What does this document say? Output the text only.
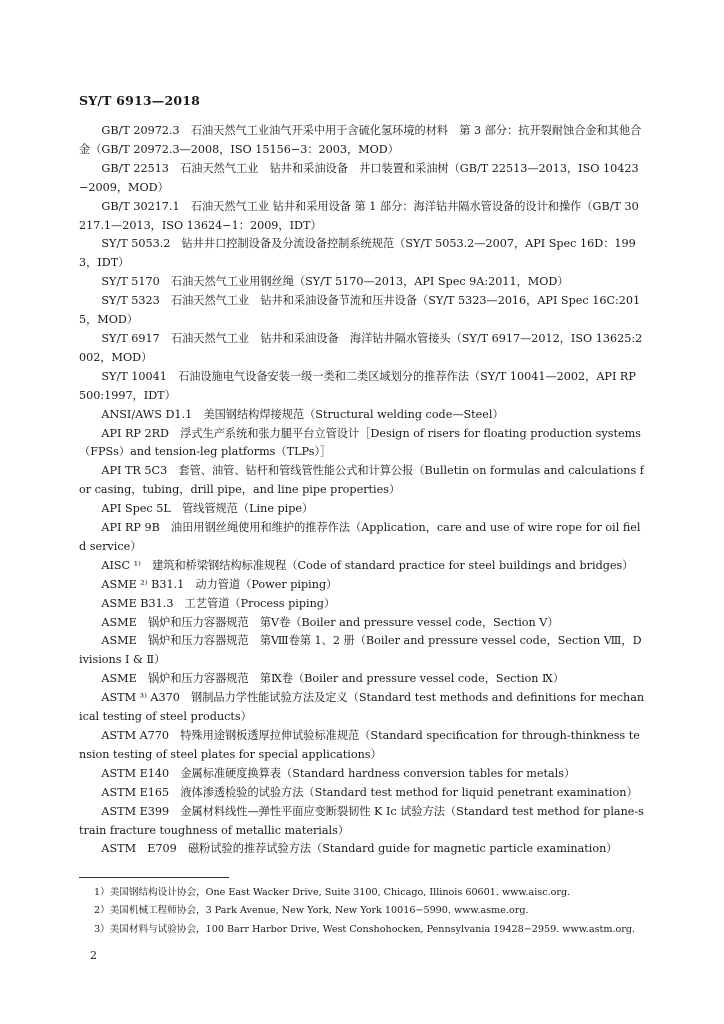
SY/T 6913—2018

GB/T 20972.3　石油天然气工业油气开采中用于含硫化氢环境的材料　第 3 部分：抗开裂耐蚀合金和其他合金（GB/T 20972.3—2008，ISO 15156−3：2003，MOD）

GB/T 22513　石油天然气工业　钻井和采油设备　井口装置和采油树（GB/T 22513—2013，ISO 10423−2009，MOD）

GB/T 30217.1　石油天然气工业 钻井和采用设备 第 1 部分：海洋钻井隔水管设备的设计和操作（GB/T 30217.1—2013，ISO 13624−1：2009，IDT）

SY/T 5053.2　钻井井口控制设备及分流设备控制系统规范（SY/T 5053.2—2007，API Spec 16D：1993，IDT）

SY/T 5170　石油天然气工业用钢丝绳（SY/T 5170—2013，API Spec 9A:2011，MOD）

SY/T 5323　石油天然气工业　钻井和采油设备节流和压井设备（SY/T 5323—2016，API Spec 16C:2015，MOD）

SY/T 6917　石油天然气工业　钻井和采油设备　海洋钻井隔水管接头（SY/T 6917—2012，ISO 13625:2002，MOD）

SY/T 10041　石油设施电气设备安装一级一类和二类区域划分的推荐作法（SY/T 10041—2002，API RP 500:1997，IDT）

ANSI/AWS D1.1　美国钢结构焊接规范（Structural welding code—Steel）

API RP 2RD　浮式生产系统和张力腿平台立管设计［Design of risers for floating production systems（FPSs）and tension-leg platforms（TLPs）］

API TR 5C3　套管、油管、钻杆和管线管性能公式和计算公报（Bulletin on formulas and calculations for casing，tubing，drill pipe，and line pipe properties）

API Spec 5L　管线管规范（Line pipe）

API RP 9B　油田用钢丝绳使用和维护的推荐作法（Application，care and use of wire rope for oil field service）

AISC ¹⁾　建筑和桥梁钢结构标准规程（Code of standard practice for steel buildings and bridges）

ASME ²⁾ B31.1　动力管道（Power piping）

ASME B31.3　工艺管道（Process piping）

ASME　锅炉和压力容器规范　第Ⅴ卷（Boiler and pressure vessel code，Section Ⅴ）

ASME　锅炉和压力容器规范　第Ⅷ卷第 1、2 册（Boiler and pressure vessel code，Section Ⅷ，Divisions Ⅰ & Ⅱ）

ASME　锅炉和压力容器规范　第Ⅸ卷（Boiler and pressure vessel code，Section Ⅸ）

ASTM ³⁾ A370　钢制品力学性能试验方法及定义（Standard test methods and definitions for mechanical testing of steel products）

ASTM A770　特殊用途钢板透厚拉伸试验标准规范（Standard specification for through-thinkness tension testing of steel plates for special applications）

ASTM E140　金属标准硬度换算表（Standard hardness conversion tables for metals）

ASTM E165　液体渗透检验的试验方法（Standard test method for liquid penetrant examination）

ASTM E399　金属材料线性—弹性平面应变断裂韧性 K Ic 试验方法（Standard test method for plane-strain fracture toughness of metallic materials）

ASTM　E709　磁粉试验的推荐试验方法（Standard guide for magnetic particle examination）

1）美国钢结构设计协会，One East Wacker Drive, Suite 3100, Chicago, Illinois 60601. www.aisc.org.

2）美国机械工程师协会，3 Park Avenue, New York, New York 10016−5990. www.asme.org.

3）美国材料与试验协会，100 Barr Harbor Drive, West Conshohocken, Pennsylvania 19428−2959. www.astm.org.

2
